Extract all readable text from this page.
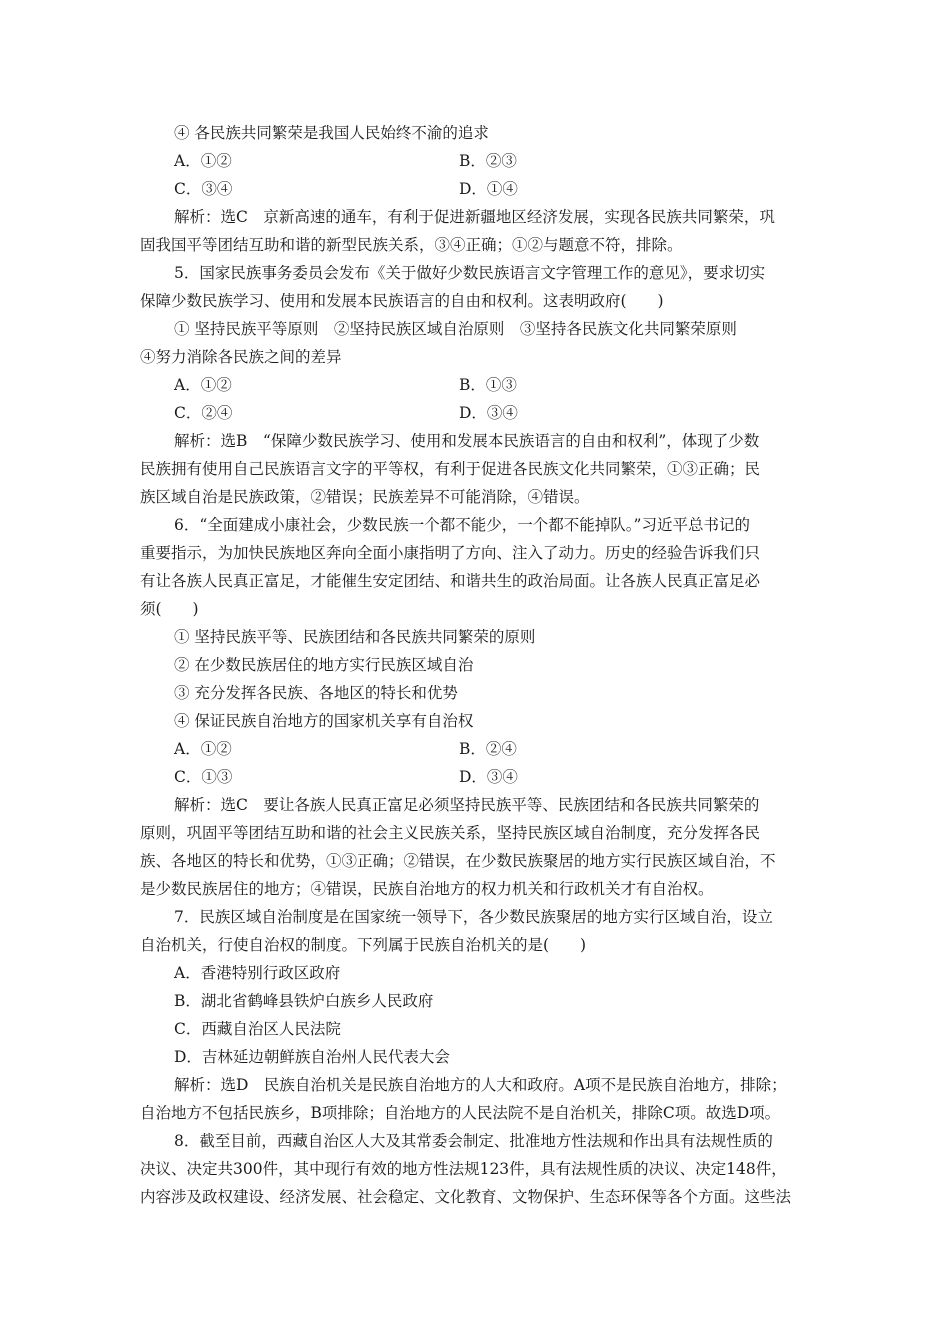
④ 各民族共同繁荣是我国人民始终不渝的追求
A．①②	B．②③
C．③④	D．①④
解析：选C　京新高速的通车，有利于促进新疆地区经济发展，实现各民族共同繁荣，巩
固我国平等团结互助和谐的新型民族关系，③④正确；①②与题意不符，排除。
5．国家民族事务委员会发布《关于做好少数民族语言文字管理工作的意见》，要求切实
保障少数民族学习、使用和发展本民族语言的自由和权利。这表明政府(　　)
① 坚持民族平等原则　②坚持民族区域自治原则　③坚持各民族文化共同繁荣原则
④努力消除各民族之间的差异
A．①②	B．①③
C．②④	D．③④
解析：选B　“保障少数民族学习、使用和发展本民族语言的自由和权利”，体现了少数
民族拥有使用自己民族语言文字的平等权，有利于促进各民族文化共同繁荣，①③正确；民
族区域自治是民族政策，②错误；民族差异不可能消除，④错误。
6．“全面建成小康社会，少数民族一个都不能少，一个都不能掉队。”习近平总书记的
重要指示，为加快民族地区奔向全面小康指明了方向、注入了动力。历史的经验告诉我们只
有让各族人民真正富足，才能催生安定团结、和谐共生的政治局面。让各族人民真正富足必
须(　　)
① 坚持民族平等、民族团结和各民族共同繁荣的原则
② 在少数民族居住的地方实行民族区域自治
③ 充分发挥各民族、各地区的特长和优势
④ 保证民族自治地方的国家机关享有自治权
A．①②	B．②④
C．①③	D．③④
解析：选C　要让各族人民真正富足必须坚持民族平等、民族团结和各民族共同繁荣的
原则，巩固平等团结互助和谐的社会主义民族关系，坚持民族区域自治制度，充分发挥各民
族、各地区的特长和优势，①③正确；②错误，在少数民族聚居的地方实行民族区域自治，不
是少数民族居住的地方；④错误，民族自治地方的权力机关和行政机关才有自治权。
7．民族区域自治制度是在国家统一领导下，各少数民族聚居的地方实行区域自治，设立
自治机关，行使自治权的制度。下列属于民族自治机关的是(　　)
A．香港特别行政区政府
B．湖北省鹤峰县铁炉白族乡人民政府
C．西藏自治区人民法院
D．吉林延边朝鲜族自治州人民代表大会
解析：选D　民族自治机关是民族自治地方的人大和政府。A项不是民族自治地方，排除；
自治地方不包括民族乡，B项排除；自治地方的人民法院不是自治机关，排除C项。故选D项。
8．截至目前，西藏自治区人大及其常委会制定、批准地方性法规和作出具有法规性质的
决议、决定共300件，其中现行有效的地方性法规123件，具有法规性质的决议、决定148件，
内容涉及政权建设、经济发展、社会稳定、文化教育、文物保护、生态环保等各个方面。这些法
